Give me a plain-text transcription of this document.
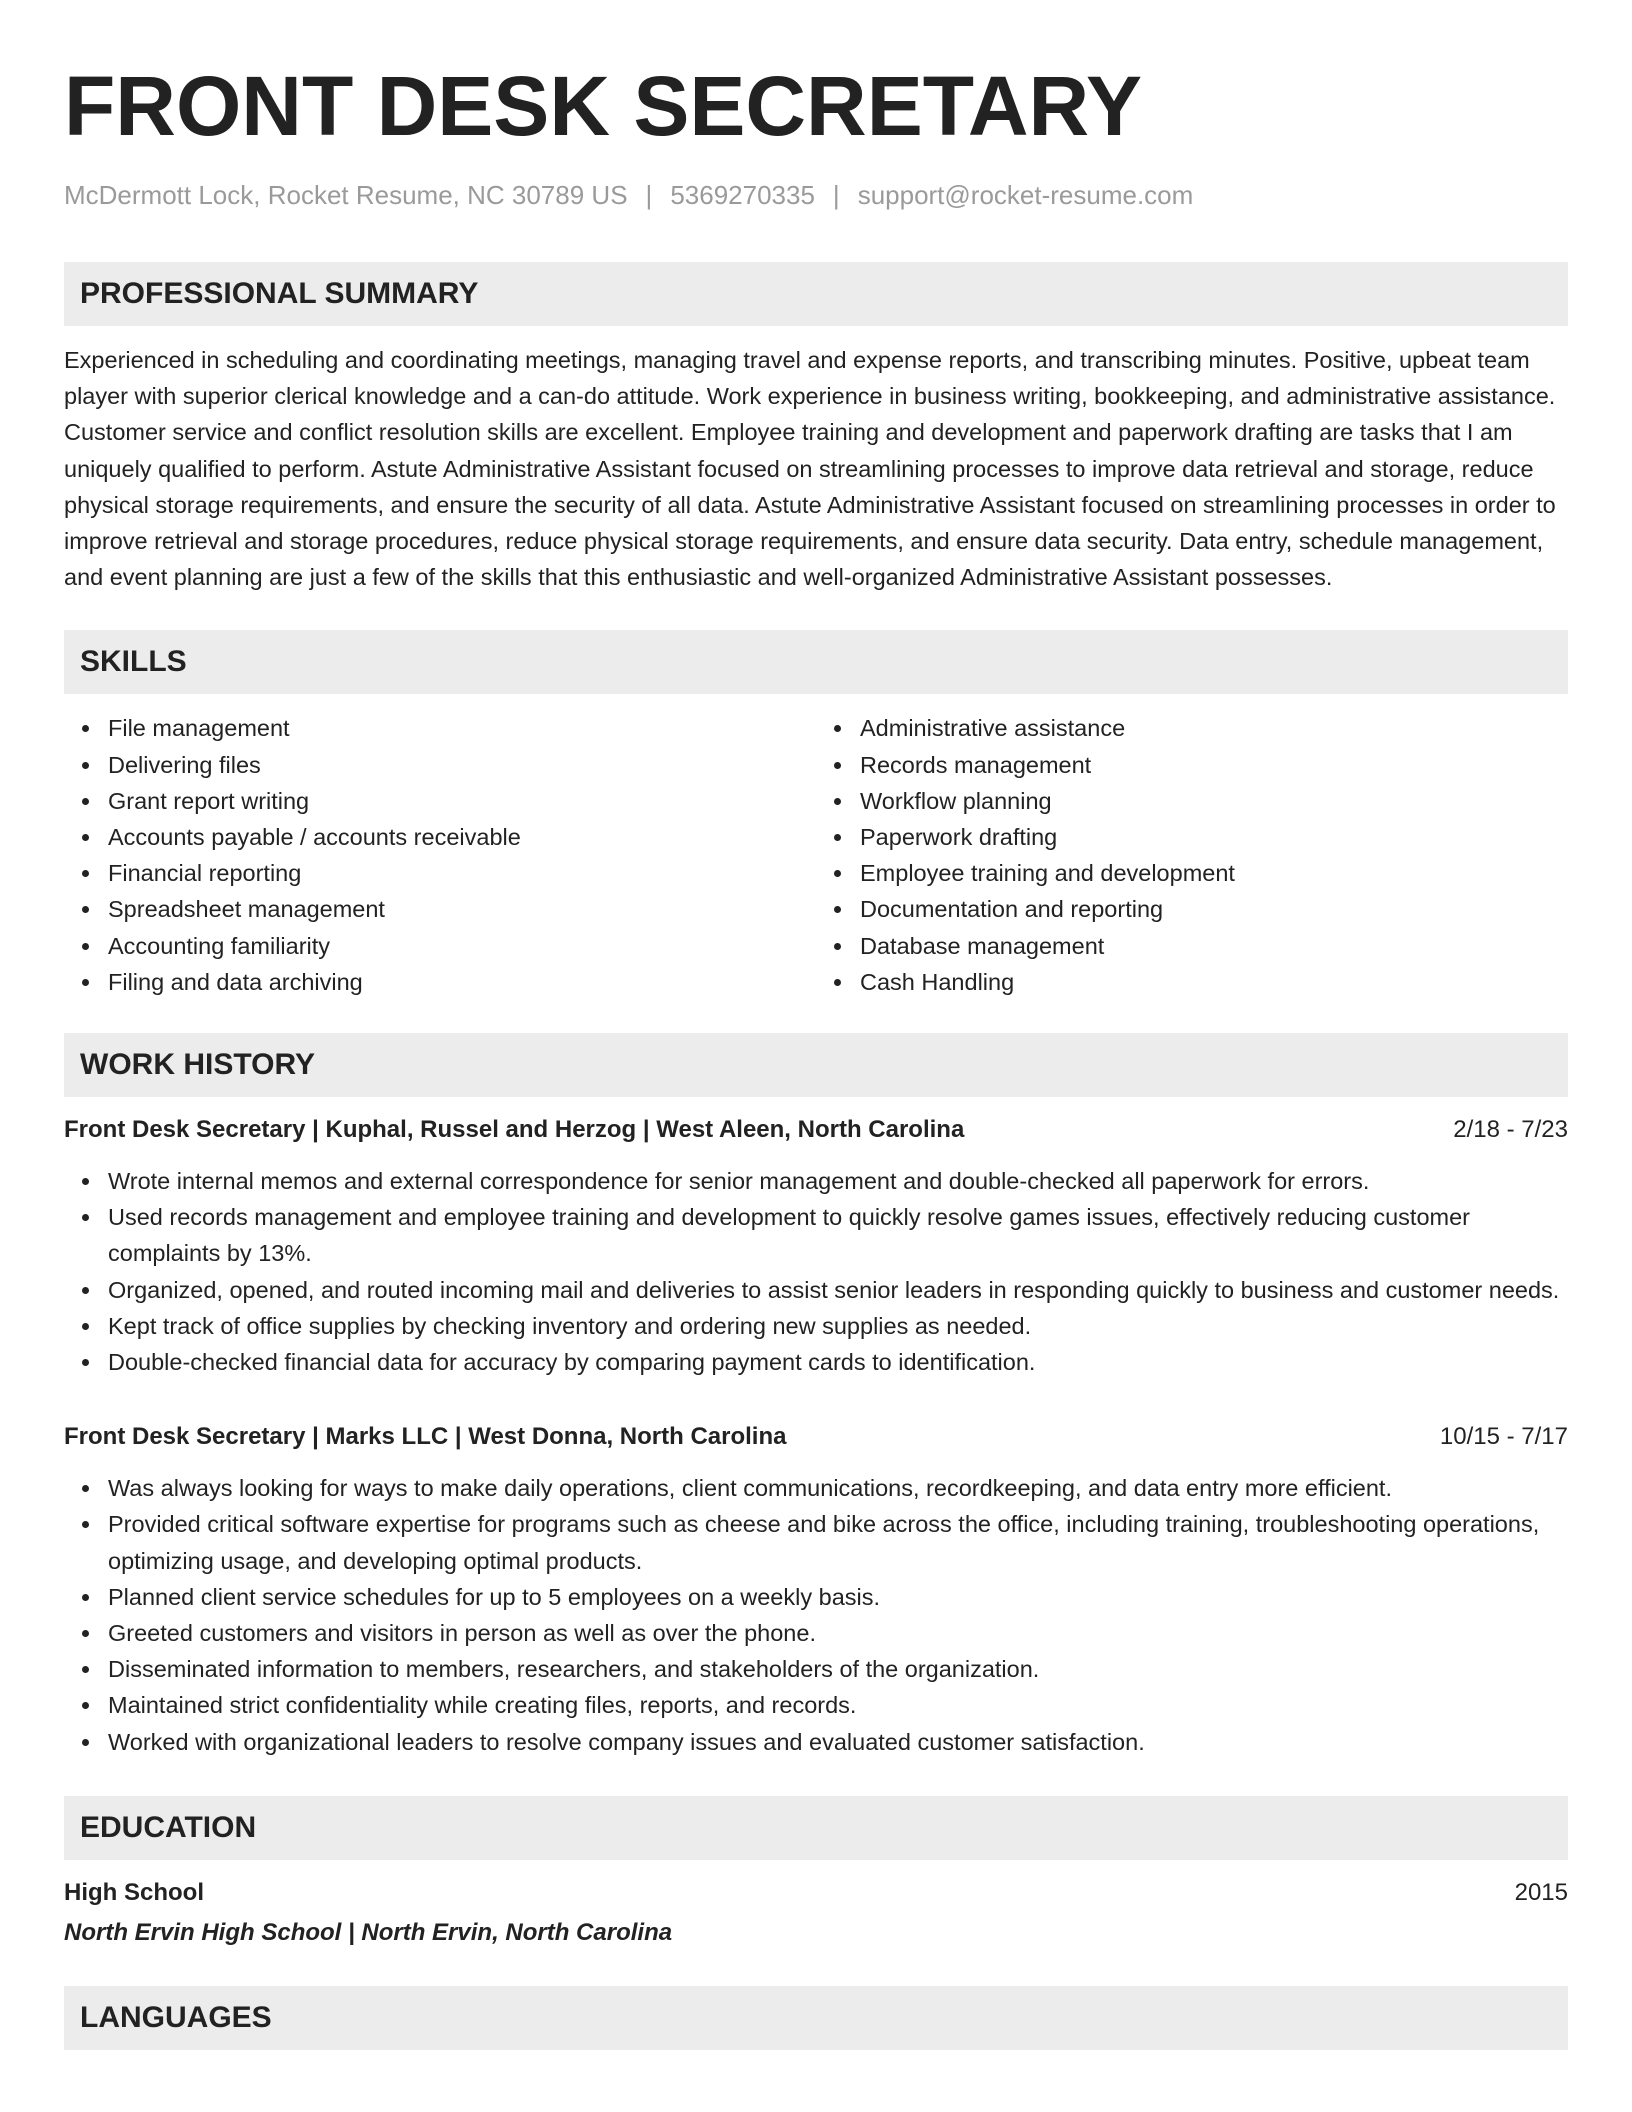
FRONT DESK SECRETARY
McDermott Lock, Rocket Resume, NC 30789 US | 5369270335 | support@rocket-resume.com
PROFESSIONAL SUMMARY
Experienced in scheduling and coordinating meetings, managing travel and expense reports, and transcribing minutes. Positive, upbeat team player with superior clerical knowledge and a can-do attitude. Work experience in business writing, bookkeeping, and administrative assistance. Customer service and conflict resolution skills are excellent. Employee training and development and paperwork drafting are tasks that I am uniquely qualified to perform. Astute Administrative Assistant focused on streamlining processes to improve data retrieval and storage, reduce physical storage requirements, and ensure the security of all data. Astute Administrative Assistant focused on streamlining processes in order to improve retrieval and storage procedures, reduce physical storage requirements, and ensure data security. Data entry, schedule management, and event planning are just a few of the skills that this enthusiastic and well-organized Administrative Assistant possesses.
SKILLS
File management
Delivering files
Grant report writing
Accounts payable / accounts receivable
Financial reporting
Spreadsheet management
Accounting familiarity
Filing and data archiving
Administrative assistance
Records management
Workflow planning
Paperwork drafting
Employee training and development
Documentation and reporting
Database management
Cash Handling
WORK HISTORY
Front Desk Secretary | Kuphal, Russel and Herzog | West Aleen, North Carolina	2/18 - 7/23
Wrote internal memos and external correspondence for senior management and double-checked all paperwork for errors.
Used records management and employee training and development to quickly resolve games issues, effectively reducing customer complaints by 13%.
Organized, opened, and routed incoming mail and deliveries to assist senior leaders in responding quickly to business and customer needs.
Kept track of office supplies by checking inventory and ordering new supplies as needed.
Double-checked financial data for accuracy by comparing payment cards to identification.
Front Desk Secretary | Marks LLC | West Donna, North Carolina	10/15 - 7/17
Was always looking for ways to make daily operations, client communications, recordkeeping, and data entry more efficient.
Provided critical software expertise for programs such as cheese and bike across the office, including training, troubleshooting operations, optimizing usage, and developing optimal products.
Planned client service schedules for up to 5 employees on a weekly basis.
Greeted customers and visitors in person as well as over the phone.
Disseminated information to members, researchers, and stakeholders of the organization.
Maintained strict confidentiality while creating files, reports, and records.
Worked with organizational leaders to resolve company issues and evaluated customer satisfaction.
EDUCATION
High School	2015
North Ervin High School | North Ervin, North Carolina
LANGUAGES
